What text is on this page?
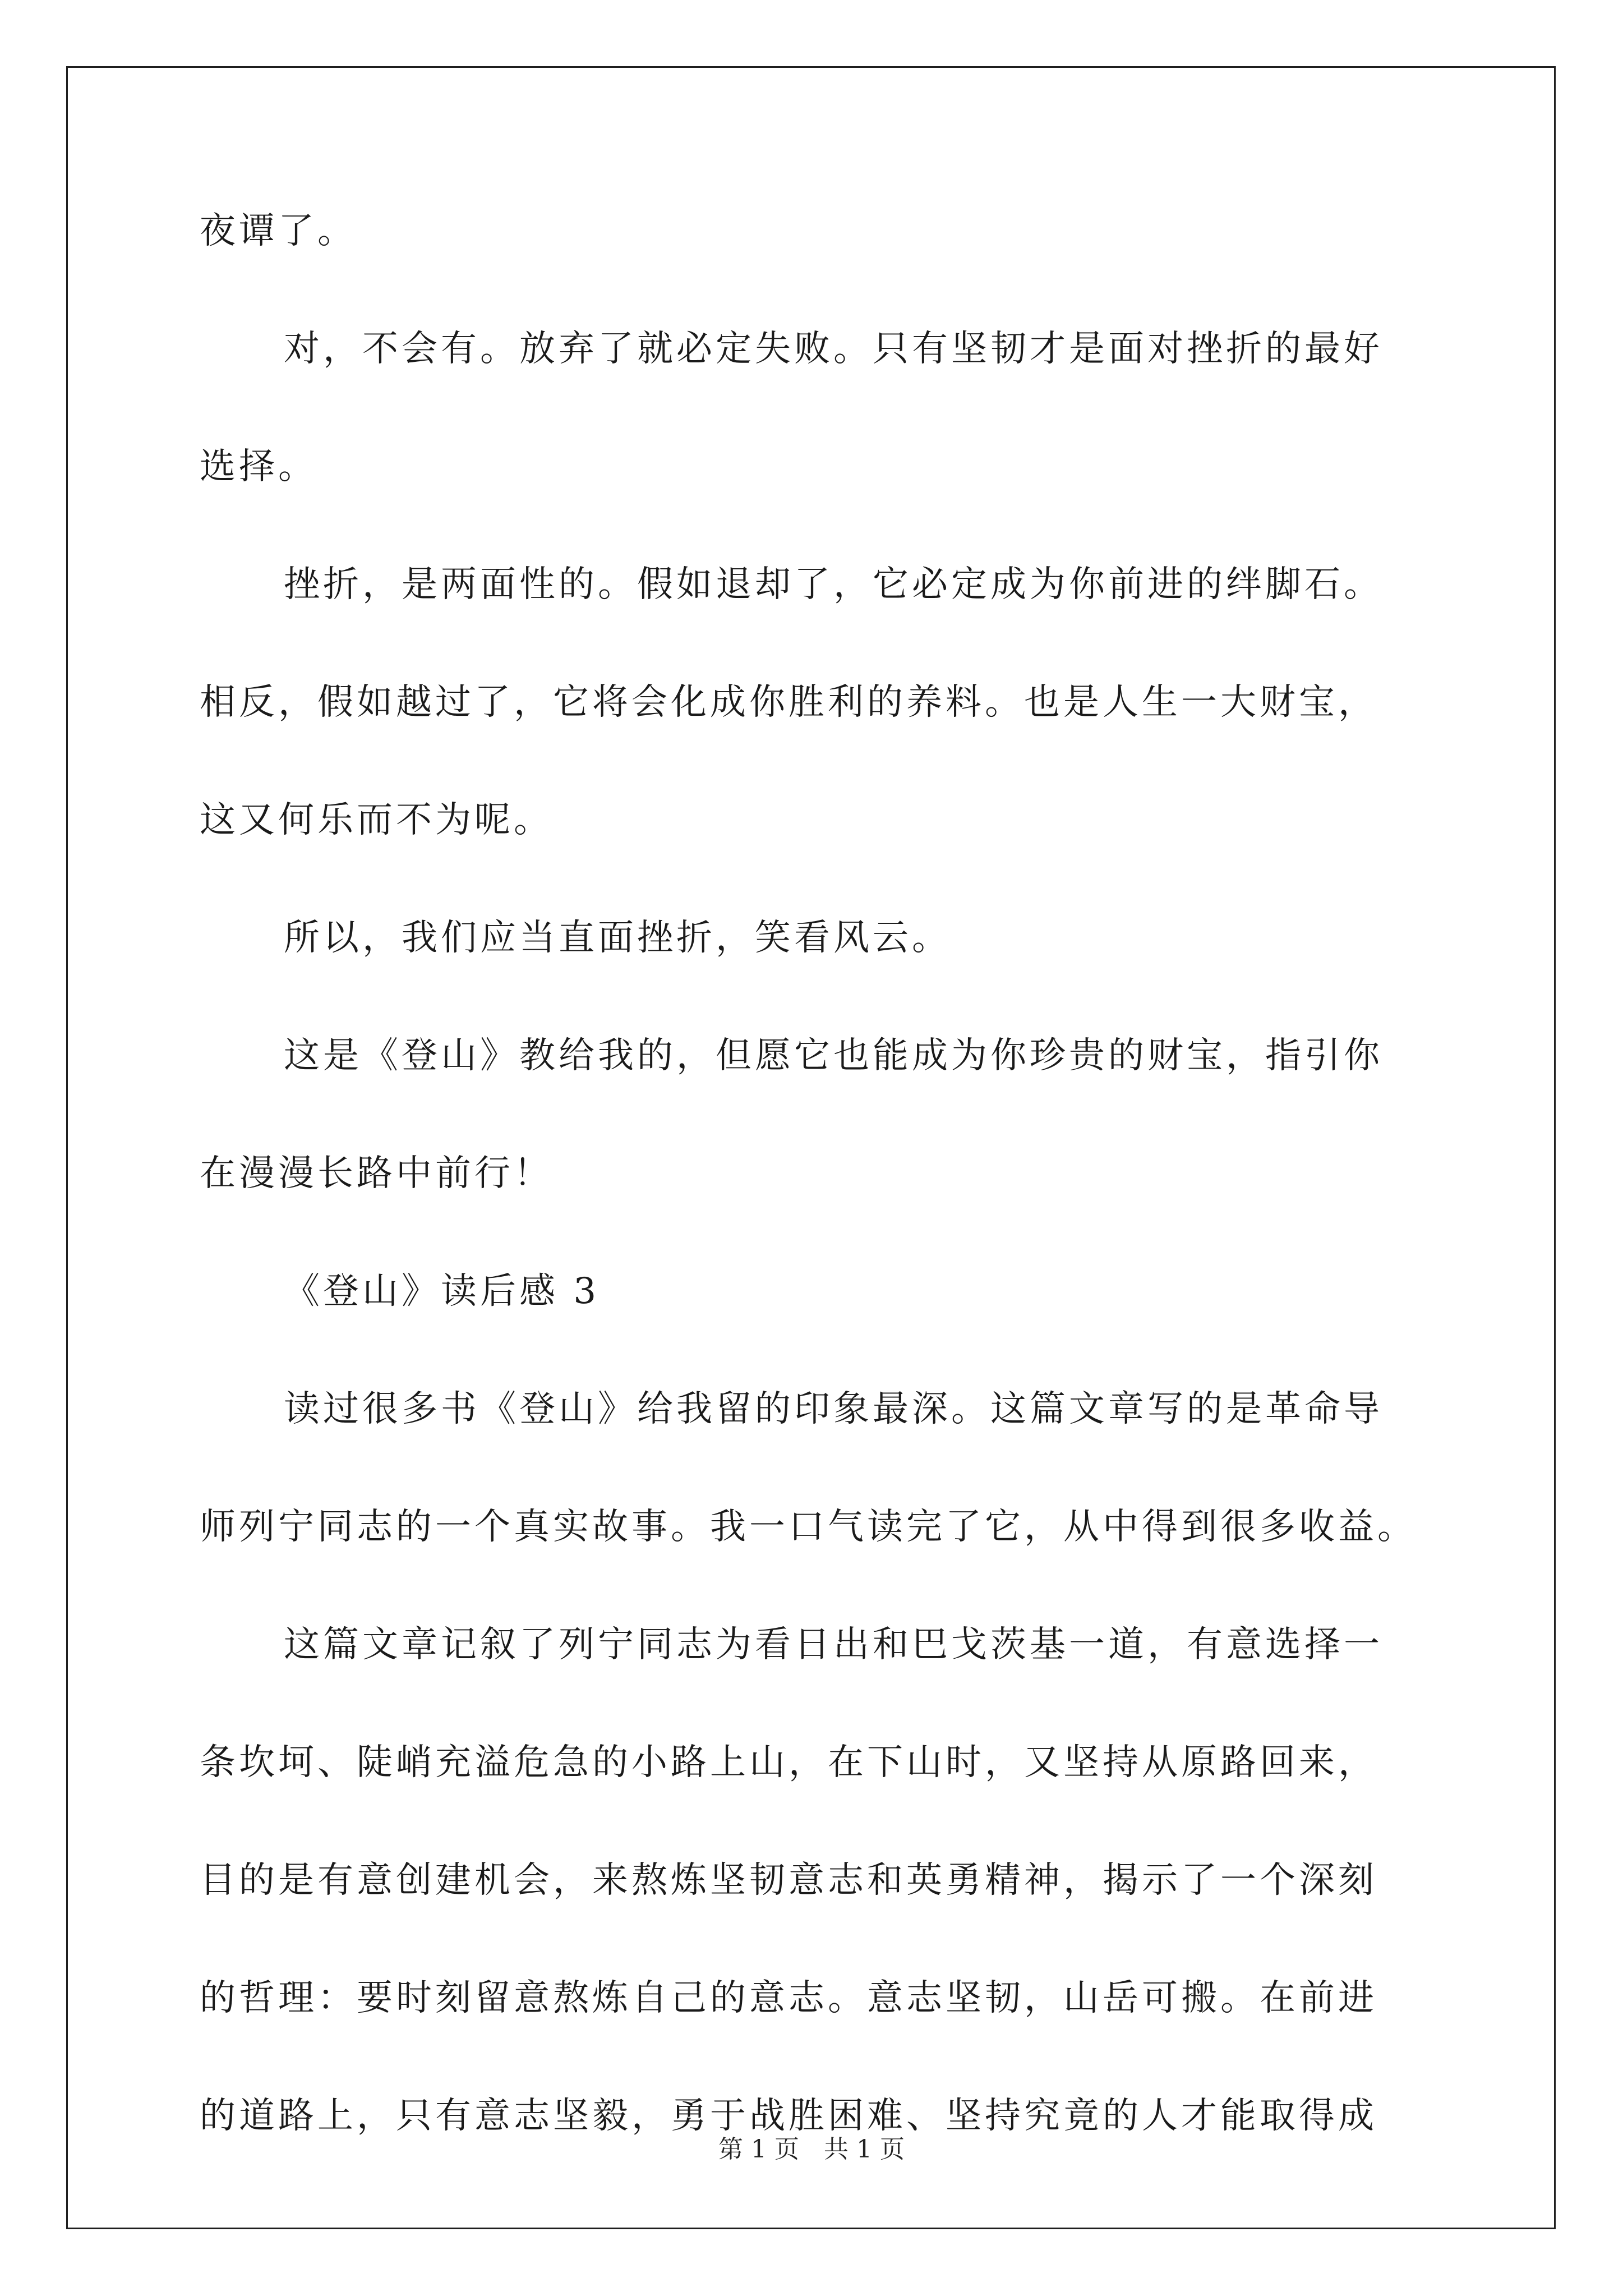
夜谭了。
对，不会有。放弃了就必定失败。只有坚韧才是面对挫折的最好
选择。
挫折，是两面性的。假如退却了，它必定成为你前进的绊脚石。
相反，假如越过了，它将会化成你胜利的养料。也是人生一大财宝，
这又何乐而不为呢。
所以，我们应当直面挫折，笑看风云。
这是《登山》教给我的，但愿它也能成为你珍贵的财宝，指引你
在漫漫长路中前行！
《登山》读后感 3
读过很多书《登山》给我留的印象最深。这篇文章写的是革命导
师列宁同志的一个真实故事。我一口气读完了它，从中得到很多收益。
这篇文章记叙了列宁同志为看日出和巴戈茨基一道，有意选择一
条坎坷、陡峭充溢危急的小路上山，在下山时，又坚持从原路回来，
目的是有意创建机会，来熬炼坚韧意志和英勇精神，揭示了一个深刻
的哲理：要时刻留意熬炼自己的意志。意志坚韧，山岳可搬。在前进
的道路上，只有意志坚毅，勇于战胜困难、坚持究竟的人才能取得成
第 1 页 共 1 页
